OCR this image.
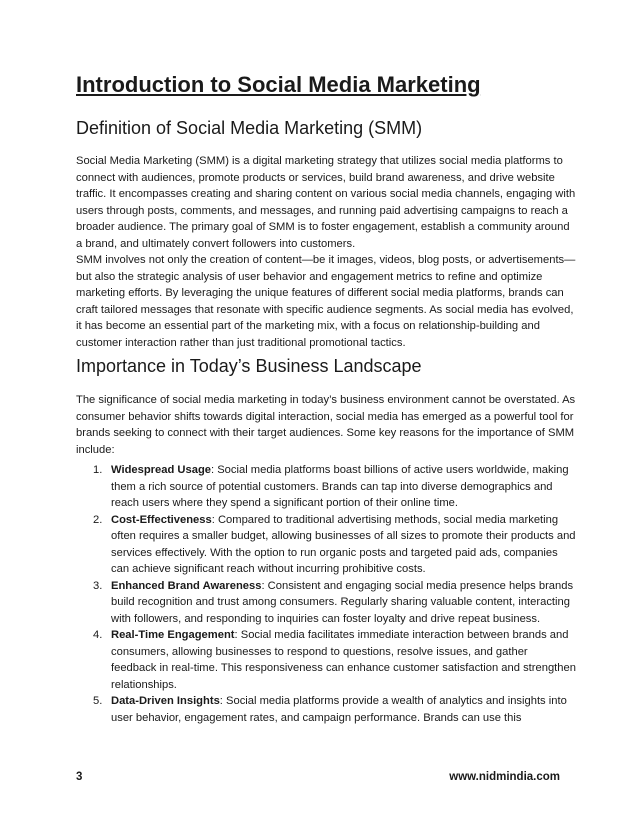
Introduction to Social Media Marketing
Definition of Social Media Marketing (SMM)

Social Media Marketing (SMM) is a digital marketing strategy that utilizes social media platforms to connect with audiences, promote products or services, build brand awareness, and drive website traffic. It encompasses creating and sharing content on various social media channels, engaging with users through posts, comments, and messages, and running paid advertising campaigns to reach a broader audience. The primary goal of SMM is to foster engagement, establish a community around a brand, and ultimately convert followers into customers.

SMM involves not only the creation of content—be it images, videos, blog posts, or advertisements—but also the strategic analysis of user behavior and engagement metrics to refine and optimize marketing efforts. By leveraging the unique features of different social media platforms, brands can craft tailored messages that resonate with specific audience segments. As social media has evolved, it has become an essential part of the marketing mix, with a focus on relationship-building and customer interaction rather than just traditional promotional tactics.

Importance in Today’s Business Landscape

The significance of social media marketing in today’s business environment cannot be overstated. As consumer behavior shifts towards digital interaction, social media has emerged as a powerful tool for brands seeking to connect with their target audiences. Some key reasons for the importance of SMM include:

1. Widespread Usage: Social media platforms boast billions of active users worldwide, making them a rich source of potential customers. Brands can tap into diverse demographics and reach users where they spend a significant portion of their online time.
2. Cost-Effectiveness: Compared to traditional advertising methods, social media marketing often requires a smaller budget, allowing businesses of all sizes to promote their products and services effectively. With the option to run organic posts and targeted paid ads, companies can achieve significant reach without incurring prohibitive costs.
3. Enhanced Brand Awareness: Consistent and engaging social media presence helps brands build recognition and trust among consumers. Regularly sharing valuable content, interacting with followers, and responding to inquiries can foster loyalty and drive repeat business.
4. Real-Time Engagement: Social media facilitates immediate interaction between brands and consumers, allowing businesses to respond to questions, resolve issues, and gather feedback in real-time. This responsiveness can enhance customer satisfaction and strengthen relationships.
5. Data-Driven Insights: Social media platforms provide a wealth of analytics and insights into user behavior, engagement rates, and campaign performance. Brands can use this
3	www.nidmindia.com
